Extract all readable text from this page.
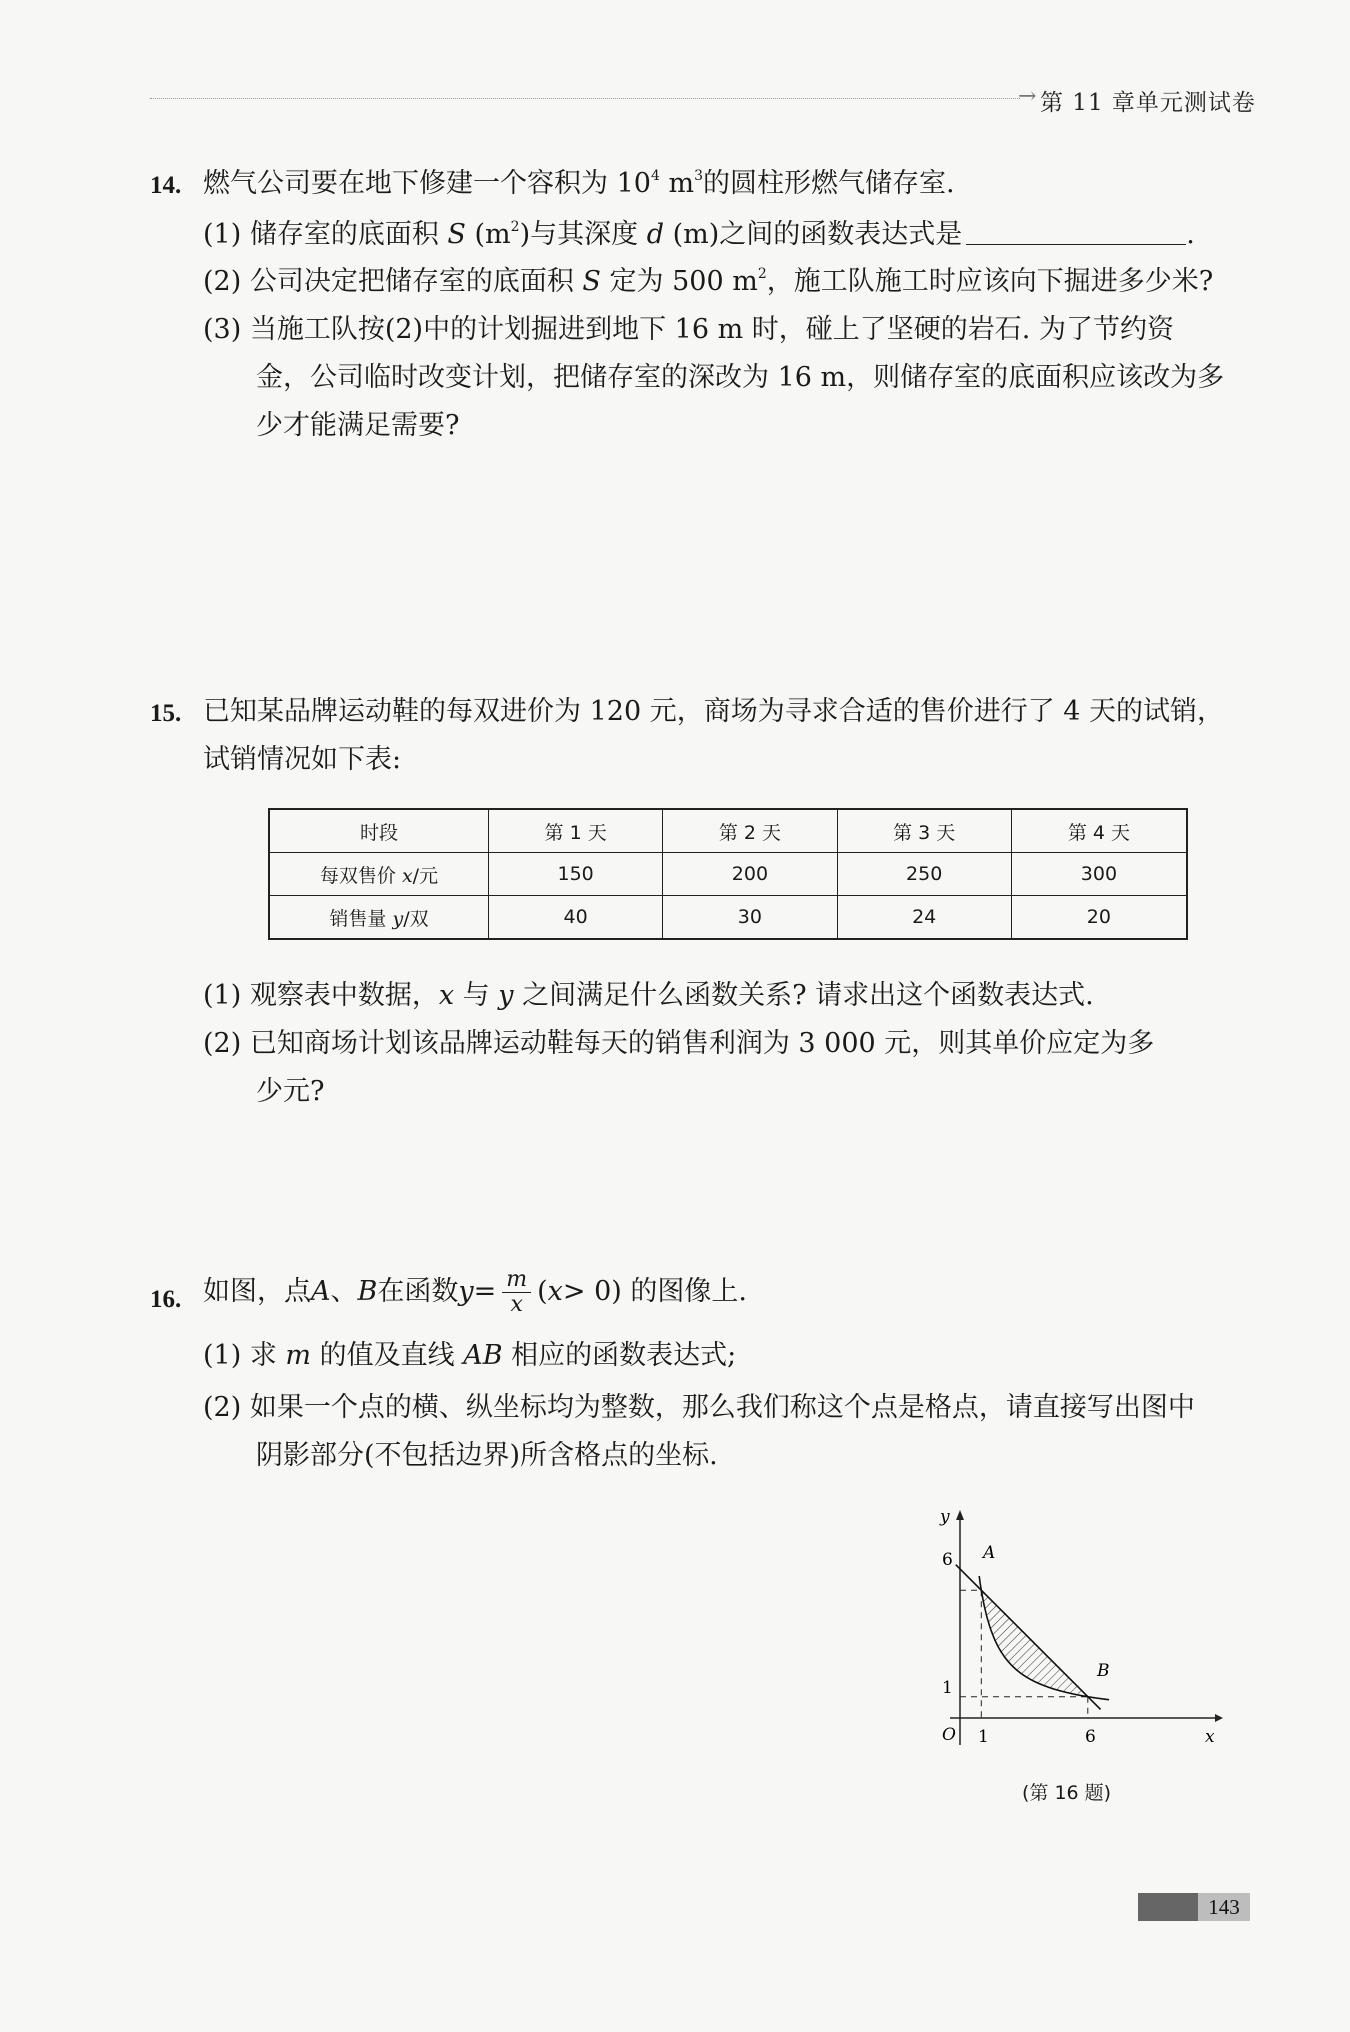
→ 第 11 章单元测试卷
14. 燃气公司要在地下修建一个容积为 $10^4$ $m^3$的圆柱形燃气储存室.
(1) 储存室的底面积 S $(m^2)$与其深度 d (m)之间的函数表达式是	.
(2) 公司决定把储存室的底面积 S 定为 500 $m^2$，施工队施工时应该向下掘进多少米?
(3) 当施工队按(2)中的计划掘进到地下 16 m 时，碰上了坚硬的岩石. 为了节约资
金，公司临时改变计划，把储存室的深改为 16 m，则储存室的底面积应该改为多
少才能满足需要?
15. 已知某品牌运动鞋的每双进价为 120 元，商场为寻求合适的售价进行了 4 天的试销，
试销情况如下表:
时段	第 1 天	第 2 天	第 3 天	第 4 天
每双售价 x/元	150	200	250	300
销售量 y/双	40	30	24	20
(1) 观察表中数据，x 与 y 之间满足什么函数关系? 请求出这个函数表达式.
(2) 已知商场计划该品牌运动鞋每天的销售利润为 3 000 元，则其单价应定为多
少元?
16. 如图，点 A 、 B 在函数 $y = \frac{m}{x}$ ( x > 0) 的图像上.
(1) 求 m 的值及直线 AB 相应的函数表达式;
(2) 如果一个点的横、纵坐标均为整数，那么我们称这个点是格点，请直接写出图中
阴影部分(不包括边界)所含格点的坐标.
y
x
O 1	6
1
6 A
B
(第 16 题)
143
